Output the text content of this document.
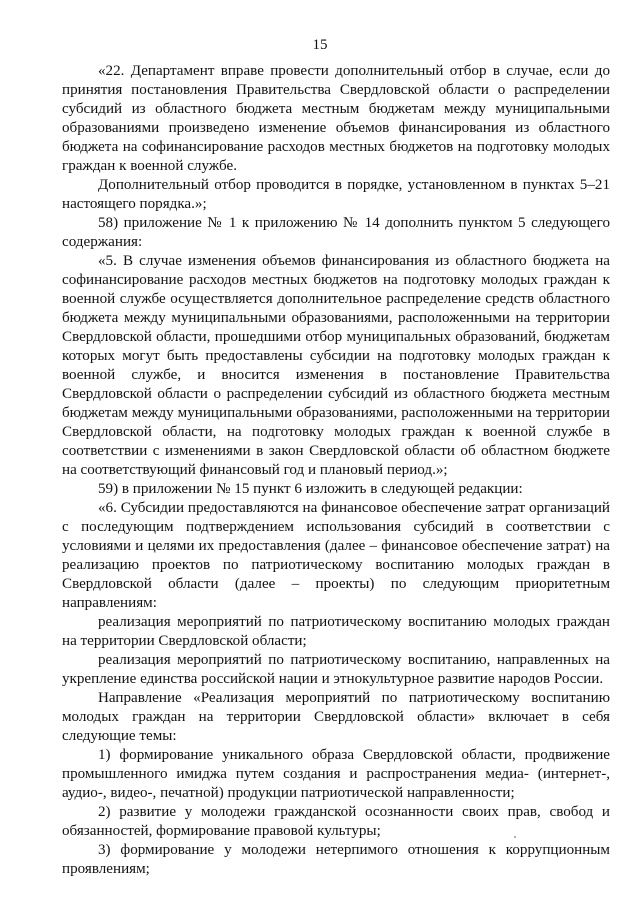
15

«22. Департамент вправе провести дополнительный отбор в случае, если до принятия постановления Правительства Свердловской области о распределении субсидий из областного бюджета местным бюджетам между муниципальными образованиями произведено изменение объемов финансирования из областного бюджета на софинансирование расходов местных бюджетов на подготовку молодых граждан к военной службе.

Дополнительный отбор проводится в порядке, установленном в пунктах 5–21 настоящего порядка.»;

58) приложение № 1 к приложению № 14 дополнить пунктом 5 следующего содержания:

«5. В случае изменения объемов финансирования из областного бюджета на софинансирование расходов местных бюджетов на подготовку молодых граждан к военной службе осуществляется дополнительное распределение средств областного бюджета между муниципальными образованиями, расположенными на территории Свердловской области, прошедшими отбор муниципальных образований, бюджетам которых могут быть предоставлены субсидии на подготовку молодых граждан к военной службе, и вносится изменения в постановление Правительства Свердловской области о распределении субсидий из областного бюджета местным бюджетам между муниципальными образованиями, расположенными на территории Свердловской области, на подготовку молодых граждан к военной службе в соответствии с изменениями в закон Свердловской области об областном бюджете на соответствующий финансовый год и плановый период.»;

59) в приложении № 15 пункт 6 изложить в следующей редакции:

«6. Субсидии предоставляются на финансовое обеспечение затрат организаций с последующим подтверждением использования субсидий в соответствии с условиями и целями их предоставления (далее – финансовое обеспечение затрат) на реализацию проектов по патриотическому воспитанию молодых граждан в Свердловской области (далее – проекты) по следующим приоритетным направлениям:

реализация мероприятий по патриотическому воспитанию молодых граждан на территории Свердловской области;

реализация мероприятий по патриотическому воспитанию, направленных на укрепление единства российской нации и этнокультурное развитие народов России.

Направление «Реализация мероприятий по патриотическому воспитанию молодых граждан на территории Свердловской области» включает в себя следующие темы:

1) формирование уникального образа Свердловской области, продвижение промышленного имиджа путем создания и распространения медиа- (интернет-, аудио-, видео-, печатной) продукции патриотической направленности;

2) развитие у молодежи гражданской осознанности своих прав, свобод и обязанностей, формирование правовой культуры;

3) формирование у молодежи нетерпимого отношения к коррупционным проявлениям;
